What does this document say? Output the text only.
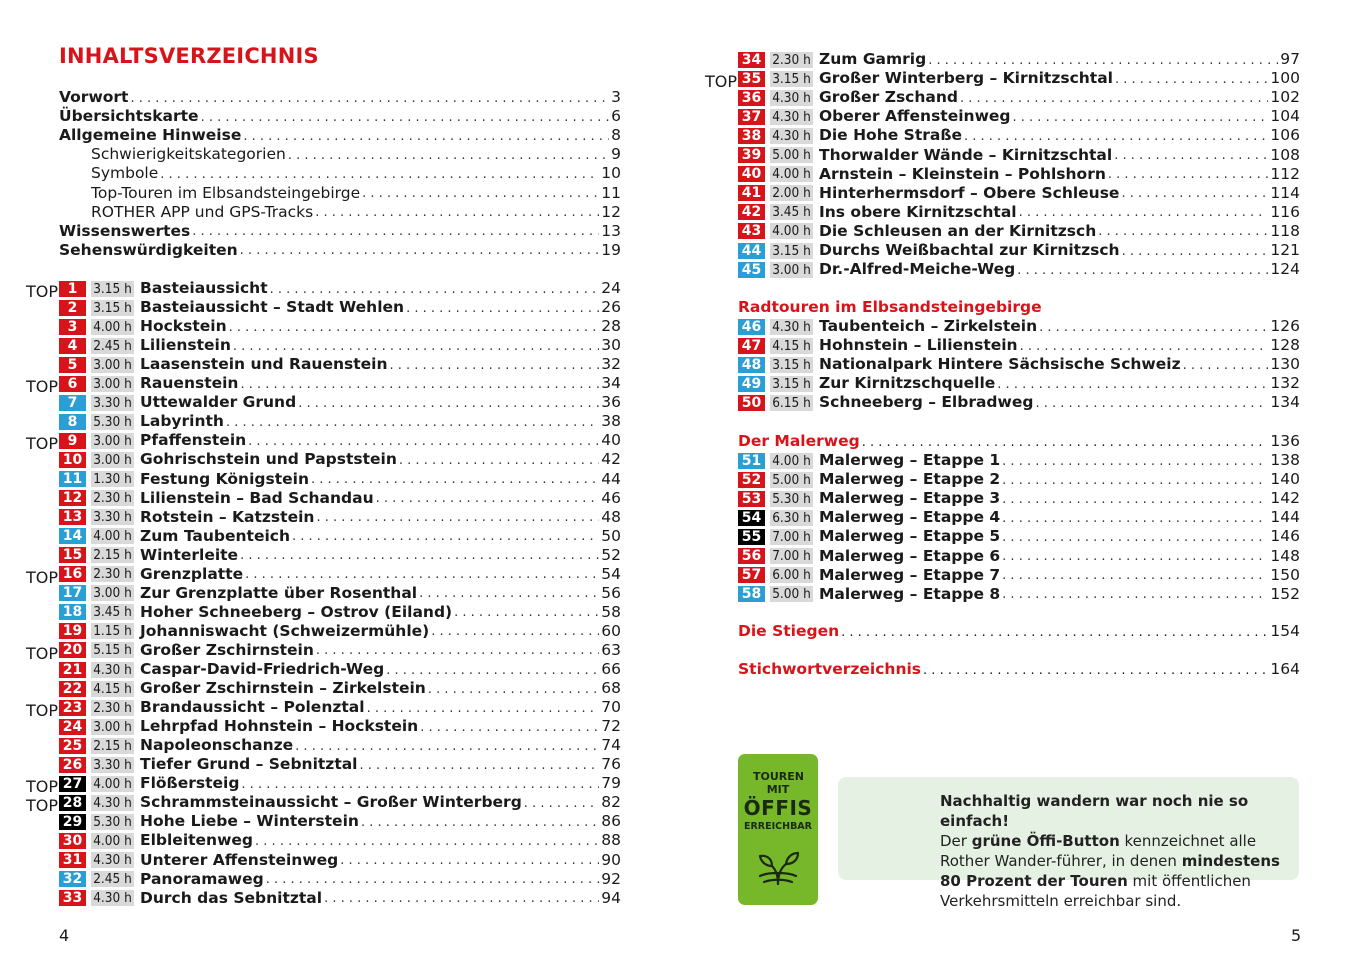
INHALTSVERZEICHNIS
Vorwort . . .	3
Übersichtskarte . . .	6
Allgemeine Hinweise . . .	8
Schwierigkeitskategorien . . .	9
Symbole . . .	10
Top-Touren im Elbsandsteingebirge . . .	11
ROTHER APP und GPS-Tracks . . .	12
Wissenswertes . . .	13
Sehenswürdigkeiten . . .	19
TOP 1	3.15 h Basteiaussicht . . .	24
2	3.15 h Basteiaussicht – Stadt Wehlen . . .	26
3	4.00 h Hockstein . . .	28
4	2.45 h Lilienstein . . .	30
5	3.00 h Laasenstein und Rauenstein . . .	32
TOP 6	3.00 h Rauenstein . . .	34
7	3.30 h Uttewalder Grund . . .	36
8	5.30 h Labyrinth . . .	38
TOP 9	3.00 h Pfaffenstein . . .	40
10 3.00 h Gohrischstein und Papststein . . .	42
11 1.30 h Festung Königstein . . .	44
12 2.30 h Lilienstein – Bad Schandau . . .	46
13 3.30 h Rotstein – Katzstein . . .	48
14 4.00 h Zum Taubenteich . . .	50
15 2.15 h Winterleite . . .	52
TOP 16 2.30 h Grenzplatte . . .	54
17 3.00 h Zur Grenzplatte über Rosenthal . . .	56
18 3.45 h Hoher Schneeberg – Ostrov (Eiland) . . .	58
19 1.15 h Johanniswacht (Schweizermühle) . . .	60
TOP 20 5.15 h Großer Zschirnstein . . .	63
21 4.30 h Caspar-David-Friedrich-Weg . . .	66
22 4.15 h Großer Zschirnstein – Zirkelstein . . .	68
TOP 23 2.30 h Brandaussicht – Polenztal . . .	70
24 3.00 h Lehrpfad Hohnstein – Hockstein . . .	72
25 2.15 h Napoleonschanze . . .	74
26 3.30 h Tiefer Grund – Sebnitztal . . .	76
TOP 27 4.00 h Flößersteig . . .	79
TOP 28 4.30 h Schrammsteinaussicht – Großer Winterberg . . .	82
29 5.30 h Hohe Liebe – Winterstein . . .	86
30 4.00 h Elbleitenweg . . .	88
31 4.30 h Unterer Affensteinweg . . .	90
32 2.45 h Panoramaweg . . .	92
33 4.30 h Durch das Sebnitztal . . .	94
4
34 2.30 h Zum Gamrig . . .	97
TOP 35 3.15 h Großer Winterberg – Kirnitzschtal . . .	100
36 4.30 h Großer Zschand . . .	102
37 4.30 h Oberer Affensteinweg . . .	104
38 4.30 h Die Hohe Straße . . .	106
39 5.00 h Thorwalder Wände – Kirnitzschtal . . .	108
40 4.00 h Arnstein – Kleinstein – Pohlshorn . . .	112
41 2.00 h Hinterhermsdorf – Obere Schleuse . . .	114
42 3.45 h Ins obere Kirnitzschtal . . .	116
43 4.00 h Die Schleusen an der Kirnitzsch . . .	118
44 3.15 h Durchs Weißbachtal zur Kirnitzsch . . .	121
45 3.00 h Dr.-Alfred-Meiche-Weg . . .	124
Radtouren im Elbsandsteingebirge
46 4.30 h Taubenteich – Zirkelstein . . .	126
47 4.15 h Hohnstein – Lilienstein . . .	128
48 3.15 h Nationalpark Hintere Sächsische Schweiz . . .	130
49 3.15 h Zur Kirnitzschquelle . . .	132
50 6.15 h Schneeberg – Elbradweg . . .	134
Der Malerweg . . .	136
51 4.00 h Malerweg – Etappe 1 . . .	138
52 5.00 h Malerweg – Etappe 2 . . .	140
53 5.30 h Malerweg – Etappe 3 . . .	142
54 6.30 h Malerweg – Etappe 4 . . .	144
55 7.00 h Malerweg – Etappe 5 . . .	146
56 7.00 h Malerweg – Etappe 6 . . .	148
57 6.00 h Malerweg – Etappe 7 . . .	150
58 5.00 h Malerweg – Etappe 8 . . .	152
Die Stiegen . . .	154
Stichwortverzeichnis . . .	164
Nachhaltig wandern war noch nie so einfach!
Der grüne Öffi-Button kennzeichnet alle Rother Wander-führer, in denen mindestens 80 Prozent der Touren mit öffentlichen Verkehrsmitteln erreichbar sind.
TOUREN MIT
ÖFFIS
ERREICHBAR
5
